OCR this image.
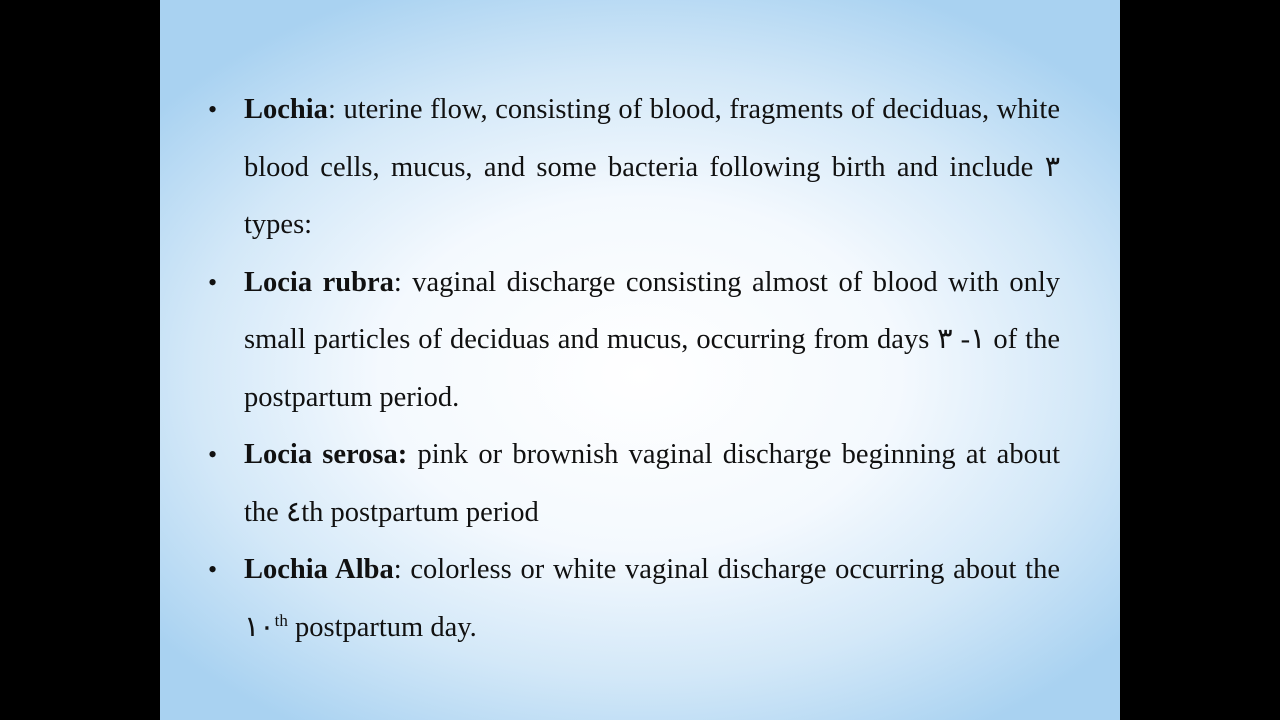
• Lochia: uterine flow, consisting of blood, fragments of deciduas, white blood cells, mucus, and some bacteria following birth and include ٣ types:
• Locia rubra: vaginal discharge consisting almost of blood with only small particles of deciduas and mucus, occurring from days ١- ٣ of the postpartum period.
• Locia serosa: pink or brownish vaginal discharge beginning at about the ٤th postpartum period
• Lochia Alba: colorless or white vaginal discharge occurring about the ١٠th postpartum day.
